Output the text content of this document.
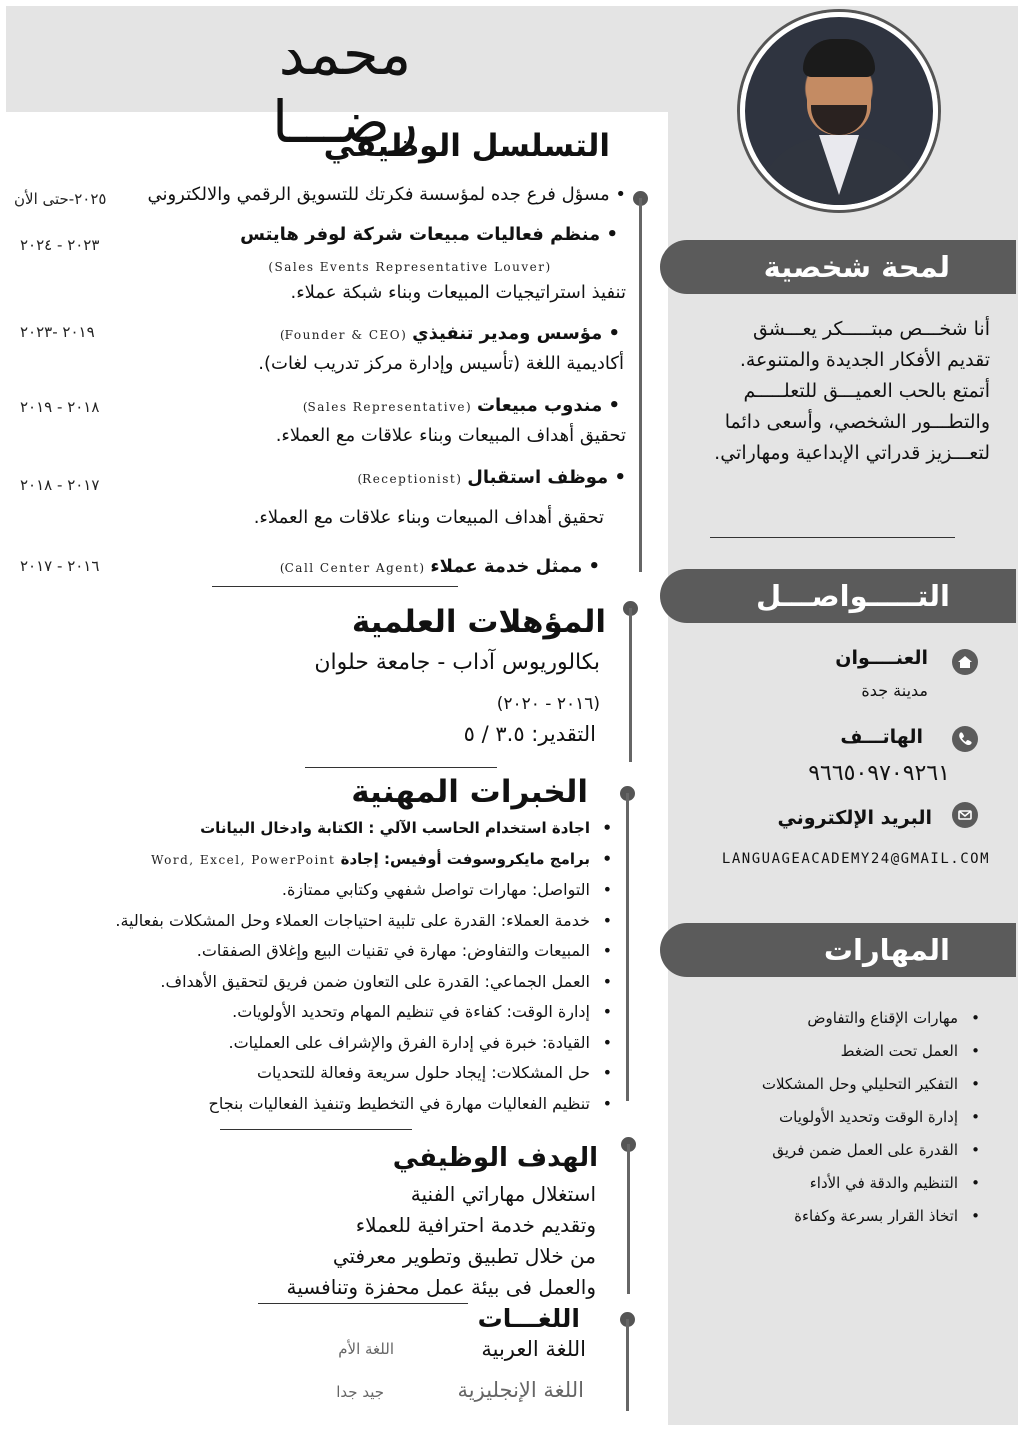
محمد رضـــا
لمحة شخصية
أنا شخـــص مبتـــــكر يعـــشق
تقديم الأفكار الجديدة والمتنوعة.
أتمتع بالحب العميـــق للتعلـــــم
والتطـــور الشخصي، وأسعى دائما
لتعـــزيز قدراتي الإبداعية ومهاراتي.
التـــــواصـــل
العنــــوان
مدينة جدة
الهاتـــف
٩٦٦٥٠٩٧٠٩٢٦١
البريد الإلكتروني
LANGUAGEACADEMY24@GMAIL.COM
المهارات
• مهارات الإقناع والتفاوض
• العمل تحت الضغط
• التفكير التحليلي وحل المشكلات
• إدارة الوقت وتحديد الأولويات
• القدرة على العمل ضمن فريق
• التنظيم والدقة في الأداء
• اتخاذ القرار بسرعة وكفاءة
التسلسل الوظيفي
٢٠٢٥-حتى الأن	• مسؤل فرع جده لمؤسسة فكرتك للتسويق الرقمي والالكتروني
٢٠٢٣ - ٢٠٢٤	• منظم فعاليات مبيعات شركة لوفر هايتس
(Sales Events Representative Louver)
تنفيذ استراتيجيات المبيعات وبناء شبكة عملاء.
٢٠١٩ -٢٠٢٣	• مؤسس ومدير تنفيذي (Founder & CEO)
أكاديمية اللغة (تأسيس وإدارة مركز تدريب لغات).
٢٠١٨ - ٢٠١٩	• مندوب مبيعات (Sales Representative)
تحقيق أهداف المبيعات وبناء علاقات مع العملاء.
٢٠١٧ - ٢٠١٨	• موظف استقبال (Receptionist)
تحقيق أهداف المبيعات وبناء علاقات مع العملاء.
٢٠١٦ - ٢٠١٧	• ممثل خدمة عملاء (Call Center Agent)
المؤهلات العلمية
بكالوريوس آداب - جامعة حلوان
(٢٠١٦ - ٢٠٢٠)
التقدير: ٣.٥ / ٥
الخبرات المهنية
• اجادة استخدام الحاسب الآلي : الكتابة وادخال البيانات
• برامج مايكروسوفت أوفيس: إجادة Word, Excel, PowerPoint
• التواصل: مهارات تواصل شفهي وكتابي ممتازة.
• خدمة العملاء: القدرة على تلبية احتياجات العملاء وحل المشكلات بفعالية.
• المبيعات والتفاوض: مهارة في تقنيات البيع وإغلاق الصفقات.
• العمل الجماعي: القدرة على التعاون ضمن فريق لتحقيق الأهداف.
• إدارة الوقت: كفاءة في تنظيم المهام وتحديد الأولويات.
• القيادة: خبرة في إدارة الفرق والإشراف على العمليات.
• حل المشكلات: إيجاد حلول سريعة وفعالة للتحديات
• تنظيم الفعاليات مهارة في التخطيط وتنفيذ الفعاليات بنجاح
الهدف الوظيفي
استغلال مهاراتي الفنية
وتقديم خدمة احترافية للعملاء
من خلال تطبيق وتطوير معرفتي
والعمل فى بيئة عمل محفزة وتنافسية
اللغـــات
اللغة العربية
اللغة الأم
اللغة الإنجليزية
جيد جدا
